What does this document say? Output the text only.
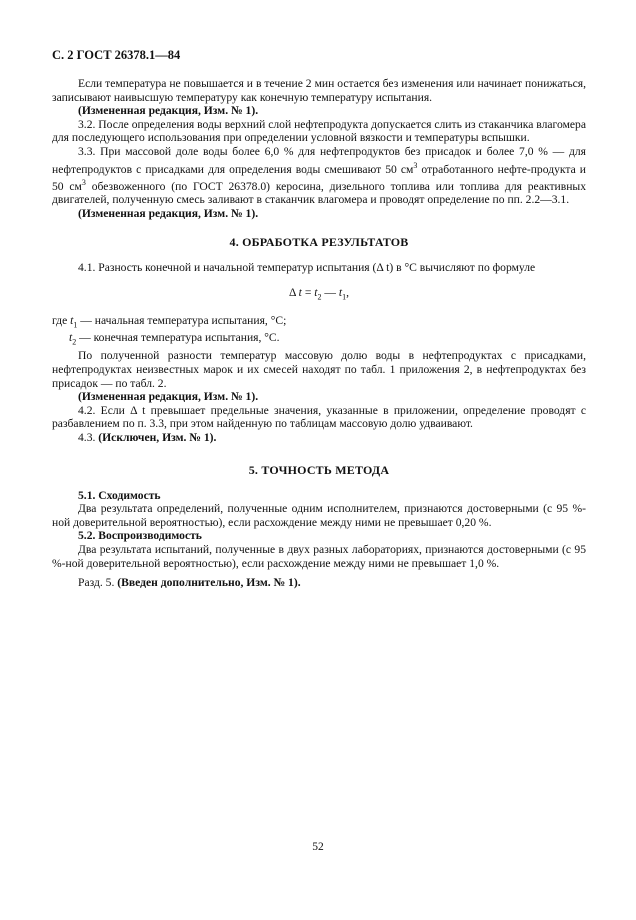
С. 2 ГОСТ 26378.1—84

Если температура не повышается и в течение 2 мин остается без изменения или начинает понижаться, записывают наивысшую температуру как конечную температуру испытания.

(Измененная редакция, Изм. № 1).

3.2. После определения воды верхний слой нефтепродукта допускается слить из стаканчика влагомера для последующего использования при определении условной вязкости и температуры вспышки.

3.3. При массовой доле воды более 6,0 % для нефтепродуктов без присадок и более 7,0 % — для нефтепродуктов с присадками для определения воды смешивают 50 $см^3$ отработанного нефте-продукта и 50 $см^3$ обезвоженного (по ГОСТ 26378.0) керосина, дизельного топлива или топлива для реактивных двигателей, полученную смесь заливают в стаканчик влагомера и проводят определение по пп. 2.2—3.1.

(Измененная редакция, Изм. № 1).

4. ОБРАБОТКА РЕЗУЛЬТАТОВ

4.1. Разность конечной и начальной температур испытания (Δ t) в °С вычисляют по формуле

Δ $t = t_2$ — $t_1$,

где $t_1$ — начальная температура испытания, °С;

$t_2$ — конечная температура испытания, °С.

По полученной разности температур массовую долю воды в нефтепродуктах с присадками, нефтепродуктах неизвестных марок и их смесей находят по табл. 1 приложения 2, в нефтепродуктах без присадок — по табл. 2.

(Измененная редакция, Изм. № 1).

4.2. Если Δ t превышает предельные значения, указанные в приложении, определение проводят с разбавлением по п. 3.3, при этом найденную по таблицам массовую долю удваивают.

4.3. (Исключен, Изм. № 1).

5. ТОЧНОСТЬ МЕТОДА

5.1. Сходимость

Два результата определений, полученные одним исполнителем, признаются достоверными (с 95 %-ной доверительной вероятностью), если расхождение между ними не превышает 0,20 %.

5.2. Воспроизводимость

Два результата испытаний, полученные в двух разных лабораториях, признаются достоверными (с 95 %-ной доверительной вероятностью), если расхождение между ними не превышает 1,0 %.

Разд. 5. (Введен дополнительно, Изм. № 1).

52
